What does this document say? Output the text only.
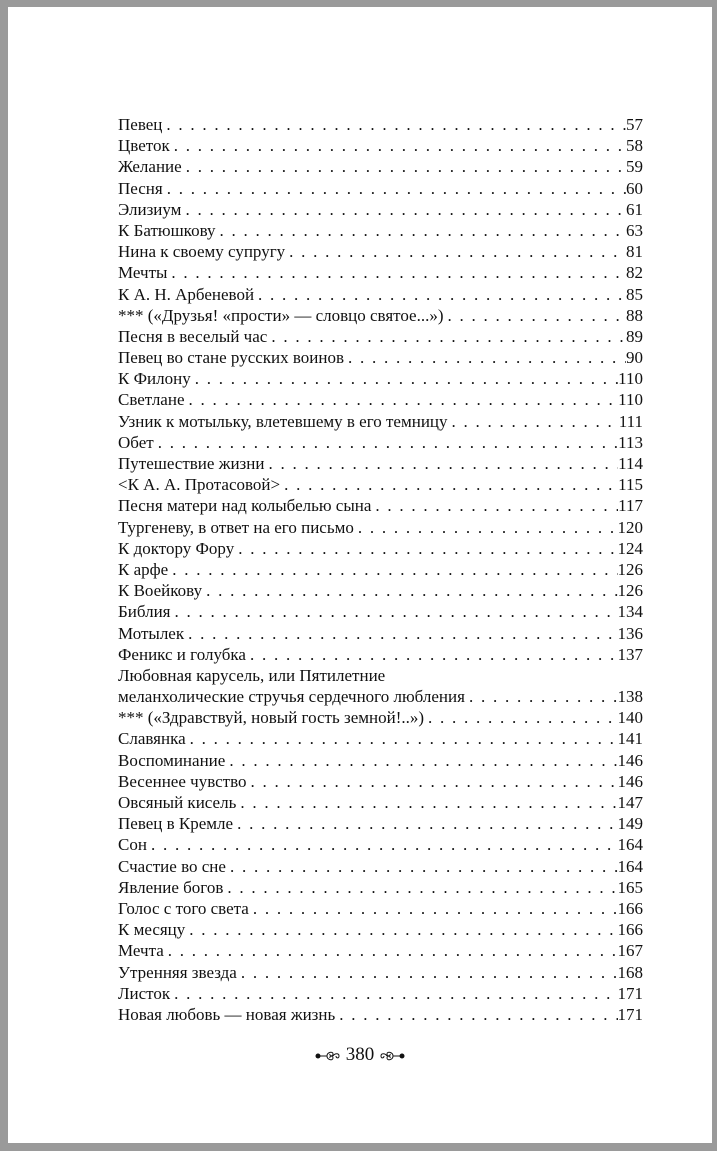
Певец . . .	57
Цветок . . .	58
Желание . . .	59
Песня . . .	60
Элизиум . . .	61
К Батюшкову . . .	63
Нина к своему супругу . . .	81
Мечты . . .	82
К А. Н. Арбеневой . . .	85
*** («Друзья! «прости» — словцо святое...») . . .	88
Песня в веселый час . . .	89
Певец во стане русских воинов . . .	90
К Филону . . .	110
Светлане . . .	110
Узник к мотыльку, влетевшему в его темницу . . .	111
Обет . . .	113
Путешествие жизни . . .	114
<К А. А. Протасовой> . . .	115
Песня матери над колыбелью сына . . .	117
Тургеневу, в ответ на его письмо . . .	120
К доктору Фору . . .	124
К арфе . . .	126
К Воейкову . . .	126
Библия . . .	134
Мотылек . . .	136
Феникс и голубка . . .	137
Любовная карусель, или Пятилетние
меланхолические стручья сердечного любления . . .	138
*** («Здравствуй, новый гость земной!..») . . .	140
Славянка . . .	141
Воспоминание . . .	146
Весеннее чувство . . .	146
Овсяный кисель . . .	147
Певец в Кремле . . .	149
Сон . . .	164
Счастие во сне . . .	164
Явление богов . . .	165
Голос с того света . . .	166
К месяцу . . .	166
Мечта . . .	167
Утренняя звезда . . .	168
Листок . . .	171
Новая любовь — новая жизнь . . .	171
380
